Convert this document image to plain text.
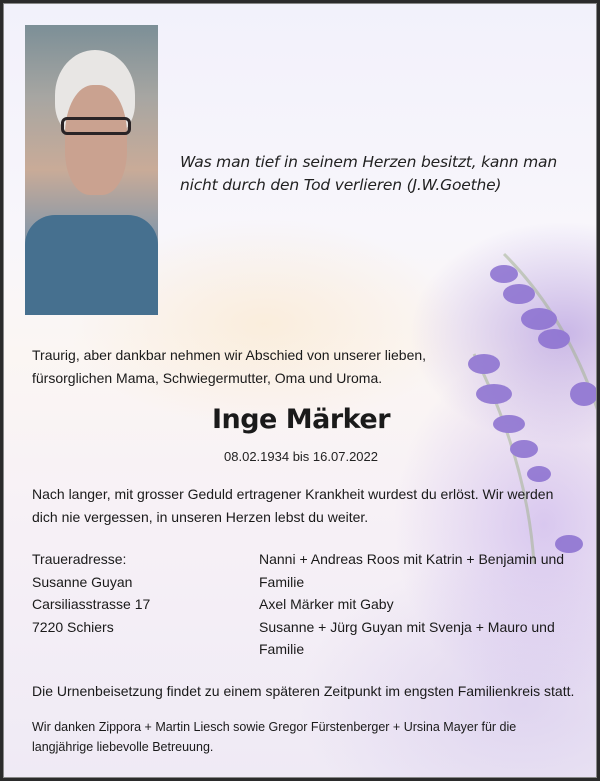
Was man tief in seinem Herzen besitzt, kann man
nicht durch den Tod verlieren (J.W.Goethe)
Traurig, aber dankbar nehmen wir Abschied von unserer lieben,
fürsorglichen Mama, Schwiegermutter, Oma und Uroma.
Inge Märker
08.02.1934 bis 16.07.2022
Nach langer, mit grosser Geduld ertragener Krankheit wurdest du erlöst. Wir werden
dich nie vergessen, in unseren Herzen lebst du weiter.
Traueradresse:
Susanne Guyan
Carsiliasstrasse 17
7220 Schiers
Nanni + Andreas Roos mit Katrin + Benjamin und
Familie
Axel Märker mit Gaby
Susanne + Jürg Guyan mit Svenja + Mauro und
Familie
Die Urnenbeisetzung findet zu einem späteren Zeitpunkt im engsten Familienkreis statt.
Wir danken Zippora + Martin Liesch sowie Gregor Fürstenberger + Ursina Mayer für die
langjährige liebevolle Betreuung.
